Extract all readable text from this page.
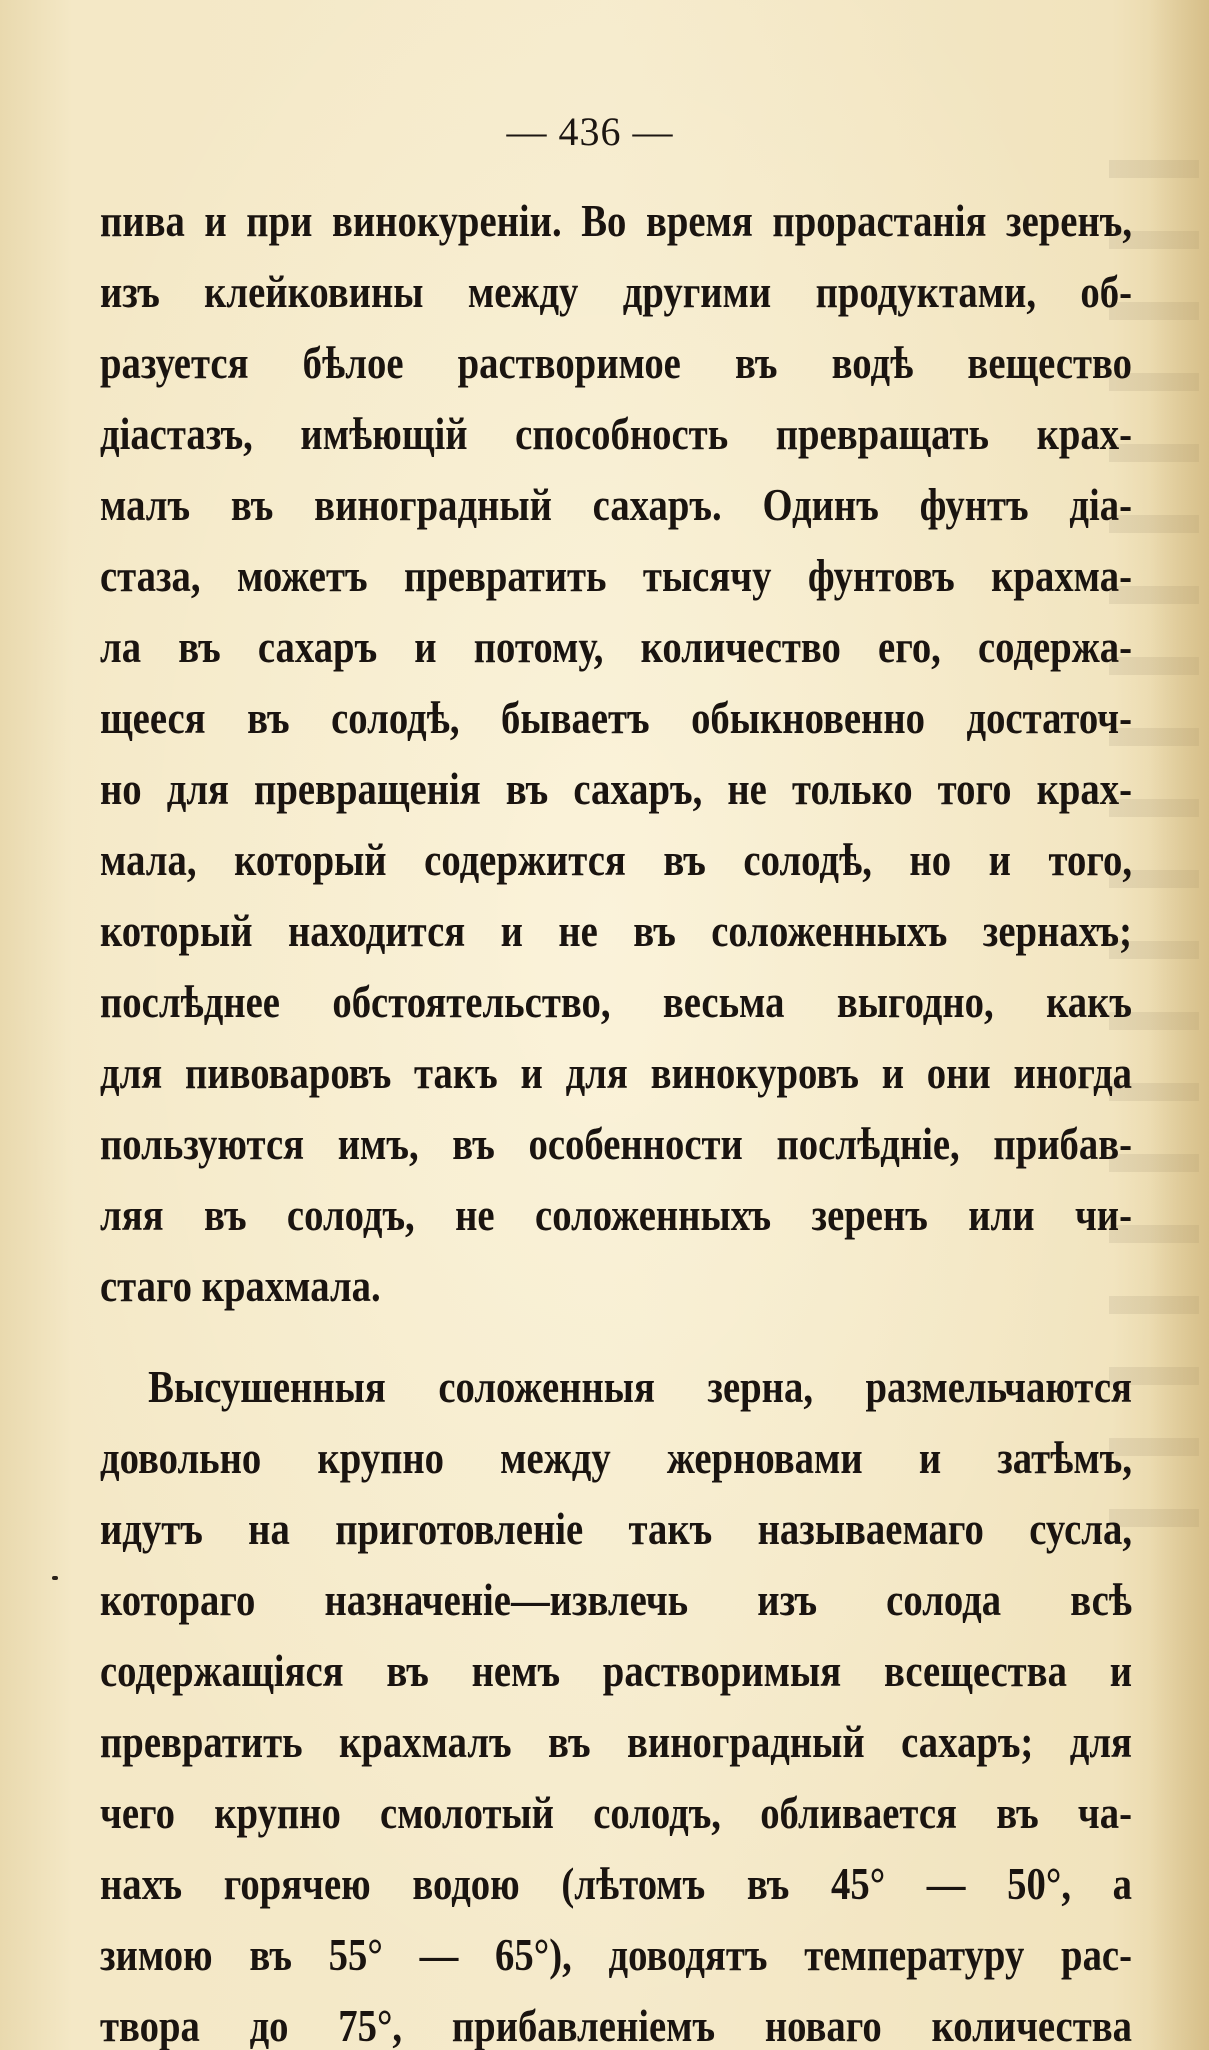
— 436 —
пива и при винокуреніи. Во время прорастанія зеренъ,
изъ клейковины между другими продуктами, об-
разуется бѣлое растворимое въ водѣ вещество
діастазъ, имѣющій способность превращать крах-
малъ въ виноградный сахаръ. Одинъ фунтъ діа-
стаза, можетъ превратить тысячу фунтовъ крахма-
ла въ сахаръ и потому, количество его, содержа-
щееся въ солодѣ, бываетъ обыкновенно достаточ-
но для превращенія въ сахаръ, не только того крах-
мала, который содержится въ солодѣ, но и того,
который находится и не въ соложенныхъ зернахъ;
послѣднее обстоятельство, весьма выгодно, какъ
для пивоваровъ такъ и для винокуровъ и они иногда
пользуются имъ, въ особенности послѣдніе, прибав-
ляя въ солодъ, не соложенныхъ зеренъ или чи-
стаго крахмала.
Высушенныя соложенныя зерна, размельчаются
довольно крупно между жерновами и затѣмъ,
идутъ на приготовленіе такъ называемаго сусла,
котораго назначеніе—извлечь изъ солода всѣ
содержащіяся въ немъ растворимыя всещества и
превратить крахмалъ въ виноградный сахаръ; для
чего крупно смолотый солодъ, обливается въ ча-
нахъ горячею водою (лѣтомъ въ 45° — 50°, а
зимою въ 55° — 65°), доводятъ температуру рас-
твора до 75°, прибавленіемъ новаго количества
